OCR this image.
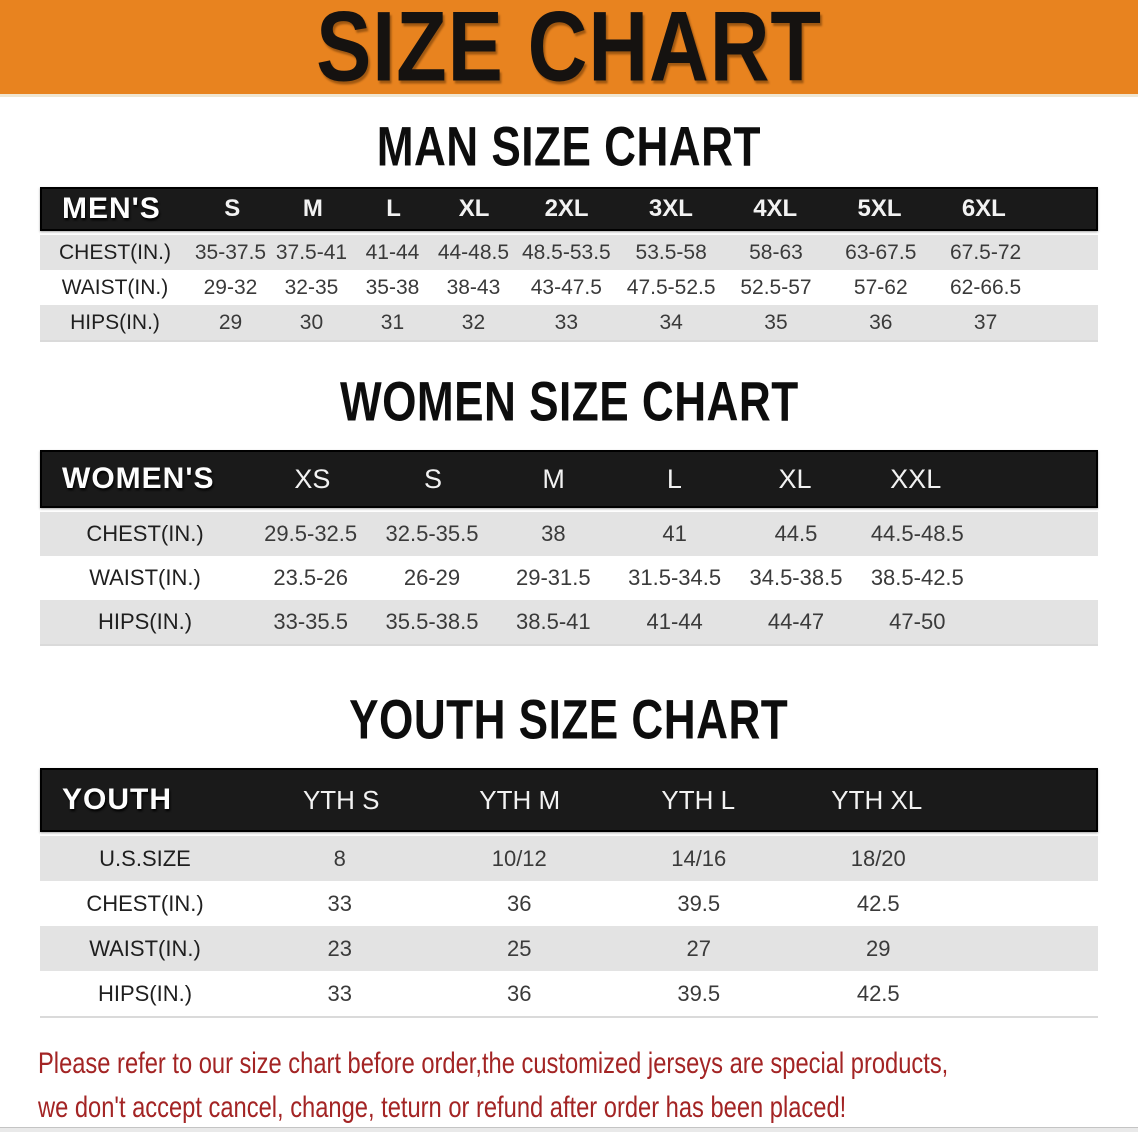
SIZE CHART
MAN SIZE CHART
MEN'S	S	M	L	XL	2XL	3XL	4XL	5XL	6XL
CHEST(IN.)	35-37.5 37.5-41 41-44 44-48.5 48.5-53.5	53.5-58	58-63	63-67.5	67.5-72
WAIST(IN.)	29-32	32-35	35-38	38-43	43-47.5	47.5-52.5	52.5-57	57-62	62-66.5
HIPS(IN.)	29	30	31	32	33	34	35	36	37
WOMEN SIZE CHART
WOMEN'S	XS	S	M	L	XL	XXL
CHEST(IN.)	29.5-32.5	32.5-35.5	38	41	44.5	44.5-48.5
WAIST(IN.)	23.5-26	26-29	29-31.5	31.5-34.5	34.5-38.5	38.5-42.5
HIPS(IN.)	33-35.5	35.5-38.5	38.5-41	41-44	44-47	47-50
YOUTH SIZE CHART
YOUTH	YTH S	YTH M	YTH L	YTH XL
U.S.SIZE	8	10/12	14/16	18/20
CHEST(IN.)	33	36	39.5	42.5
WAIST(IN.)	23	25	27	29
HIPS(IN.)	33	36	39.5	42.5
Please refer to our size chart before order,the customized jerseys are special products,
we don't accept cancel, change, teturn or refund after order has been placed!
